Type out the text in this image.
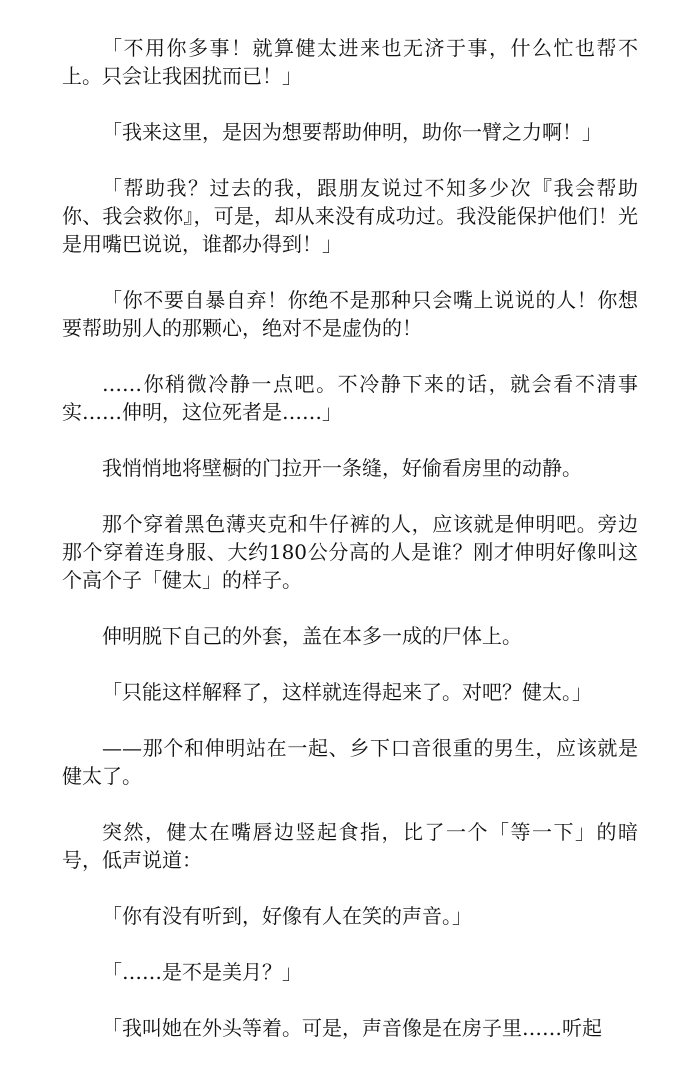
「不用你多事！就算健太进来也无济于事，什么忙也帮不上。只会让我困扰而已！」

「我来这里，是因为想要帮助伸明，助你一臂之力啊！」

「帮助我？过去的我，跟朋友说过不知多少次『我会帮助你、我会救你』，可是，却从来没有成功过。我没能保护他们！光是用嘴巴说说，谁都办得到！」

「你不要自暴自弃！你绝不是那种只会嘴上说说的人！你想要帮助别人的那颗心，绝对不是虚伪的！

……你稍微冷静一点吧。不冷静下来的话，就会看不清事实……伸明，这位死者是……」

我悄悄地将壁橱的门拉开一条缝，好偷看房里的动静。

那个穿着黑色薄夹克和牛仔裤的人，应该就是伸明吧。旁边那个穿着连身服、大约180公分高的人是谁？刚才伸明好像叫这个高个子「健太」的样子。

伸明脱下自己的外套，盖在本多一成的尸体上。

「只能这样解释了，这样就连得起来了。对吧？健太。」

——那个和伸明站在一起、乡下口音很重的男生，应该就是健太了。

突然，健太在嘴唇边竖起食指，比了一个「等一下」的暗号，低声说道：

「你有没有听到，好像有人在笑的声音。」

「……是不是美月？」

「我叫她在外头等着。可是，声音像是在房子里……听起
